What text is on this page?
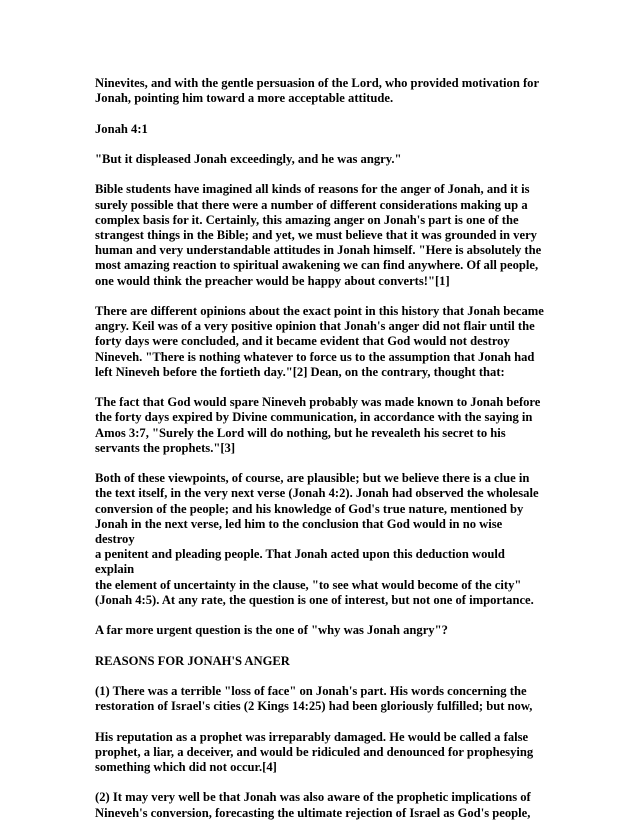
Ninevites, and with the gentle persuasion of the Lord, who provided motivation for
Jonah, pointing him toward a more acceptable attitude.

Jonah 4:1

"But it displeased Jonah exceedingly, and he was angry."

Bible students have imagined all kinds of reasons for the anger of Jonah, and it is
surely possible that there were a number of different considerations making up a
complex basis for it. Certainly, this amazing anger on Jonah's part is one of the
strangest things in the Bible; and yet, we must believe that it was grounded in very
human and very understandable attitudes in Jonah himself. "Here is absolutely the
most amazing reaction to spiritual awakening we can find anywhere. Of all people,
one would think the preacher would be happy about converts!"[1]

There are different opinions about the exact point in this history that Jonah became
angry. Keil was of a very positive opinion that Jonah's anger did not flair until the
forty days were concluded, and it became evident that God would not destroy
Nineveh. "There is nothing whatever to force us to the assumption that Jonah had
left Nineveh before the fortieth day."[2] Dean, on the contrary, thought that:

The fact that God would spare Nineveh probably was made known to Jonah before
the forty days expired by Divine communication, in accordance with the saying in
Amos 3:7, "Surely the Lord will do nothing, but he revealeth his secret to his
servants the prophets."[3]

Both of these viewpoints, of course, are plausible; but we believe there is a clue in
the text itself, in the very next verse (Jonah 4:2). Jonah had observed the wholesale
conversion of the people; and his knowledge of God's true nature, mentioned by
Jonah in the next verse, led him to the conclusion that God would in no wise destroy
a penitent and pleading people. That Jonah acted upon this deduction would explain
the element of uncertainty in the clause, "to see what would become of the city"
(Jonah 4:5). At any rate, the question is one of interest, but not one of importance.

A far more urgent question is the one of "why was Jonah angry"?

REASONS FOR JONAH'S ANGER

(1) There was a terrible "loss of face" on Jonah's part. His words concerning the
restoration of Israel's cities (2 Kings 14:25) had been gloriously fulfilled; but now,

His reputation as a prophet was irreparably damaged. He would be called a false
prophet, a liar, a deceiver, and would be ridiculed and denounced for prophesying
something which did not occur.[4]

(2) It may very well be that Jonah was also aware of the prophetic implications of
Nineveh's conversion, forecasting the ultimate rejection of Israel as God's people,
